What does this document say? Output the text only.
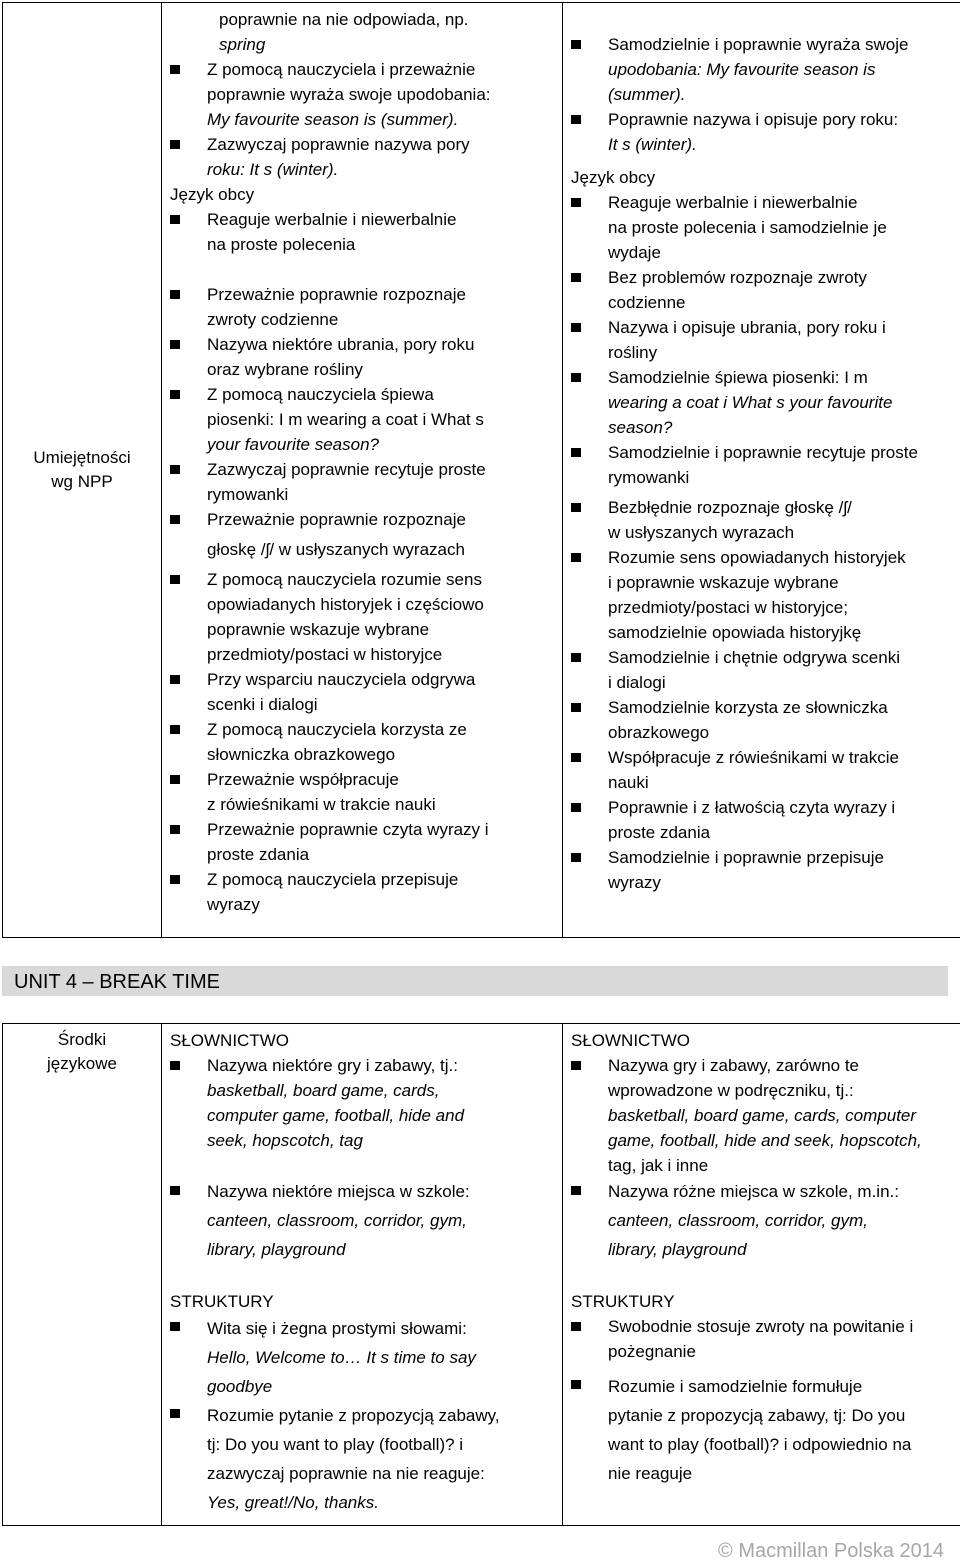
Umiejętności
wg NPP

poprawnie na nie odpowiada, np.
spring
Z pomocą nauczyciela i przeważnie
poprawnie wyraża swoje upodobania:
My favourite season is (summer).
Zazwyczaj poprawnie nazywa pory
roku: It s (winter).
Język obcy
Reaguje werbalnie i niewerbalnie
na proste polecenia
Przeważnie poprawnie rozpoznaje
zwroty codzienne
Nazywa niektóre ubrania, pory roku
oraz wybrane rośliny
Z pomocą nauczyciela śpiewa
piosenki: I m wearing a coat i What s
your favourite season?
Zazwyczaj poprawnie recytuje proste
rymowanki
Przeważnie poprawnie rozpoznaje
głoskę /ʃ/ w usłyszanych wyrazach
Z pomocą nauczyciela rozumie sens
opowiadanych historyjek i częściowo
poprawnie wskazuje wybrane
przedmioty/postaci w historyjce
Przy wsparciu nauczyciela odgrywa
scenki i dialogi
Z pomocą nauczyciela korzysta ze
słowniczka obrazkowego
Przeważnie współpracuje
z rówieśnikami w trakcie nauki
Przeważnie poprawnie czyta wyrazy i
proste zdania
Z pomocą nauczyciela przepisuje
wyrazy

Samodzielnie i poprawnie wyraża swoje
upodobania: My favourite season is
(summer).
Poprawnie nazywa i opisuje pory roku:
It s (winter).
Język obcy
Reaguje werbalnie i niewerbalnie
na proste polecenia i samodzielnie je
wydaje
Bez problemów rozpoznaje zwroty
codzienne
Nazywa i opisuje ubrania, pory roku i
rośliny
Samodzielnie śpiewa piosenki: I m
wearing a coat i What s your favourite
season?
Samodzielnie i poprawnie recytuje proste
rymowanki
Bezbłędnie rozpoznaje głoskę /ʃ/
w usłyszanych wyrazach
Rozumie sens opowiadanych historyjek
i poprawnie wskazuje wybrane
przedmioty/postaci w historyjce;
samodzielnie opowiada historyjkę
Samodzielnie i chętnie odgrywa scenki
i dialogi
Samodzielnie korzysta ze słowniczka
obrazkowego
Współpracuje z rówieśnikami w trakcie
nauki
Poprawnie i z łatwością czyta wyrazy i
proste zdania
Samodzielnie i poprawnie przepisuje
wyrazy
UNIT 4 – BREAK TIME
Środki
językowe

SŁOWNICTWO
Nazywa niektóre gry i zabawy, tj.:
basketball, board game, cards,
computer game, football, hide and
seek, hopscotch, tag
Nazywa niektóre miejsca w szkole:
canteen, classroom, corridor, gym,
library, playground
STRUKTURY
Wita się i żegna prostymi słowami:
Hello, Welcome to… It s time to say
goodbye
Rozumie pytanie z propozycją zabawy,
tj: Do you want to play (football)? i
zazwyczaj poprawnie na nie reaguje:
Yes, great!/No, thanks.

SŁOWNICTWO
Nazywa gry i zabawy, zarówno te
wprowadzone w podręczniku, tj.:
basketball, board game, cards, computer
game, football, hide and seek, hopscotch,
tag, jak i inne
Nazywa różne miejsca w szkole, m.in.:
canteen, classroom, corridor, gym,
library, playground
STRUKTURY
Swobodnie stosuje zwroty na powitanie i
pożegnanie
Rozumie i samodzielnie formułuje
pytanie z propozycją zabawy, tj: Do you
want to play (football)? i odpowiednio na
nie reaguje
© Macmillan Polska 2014
